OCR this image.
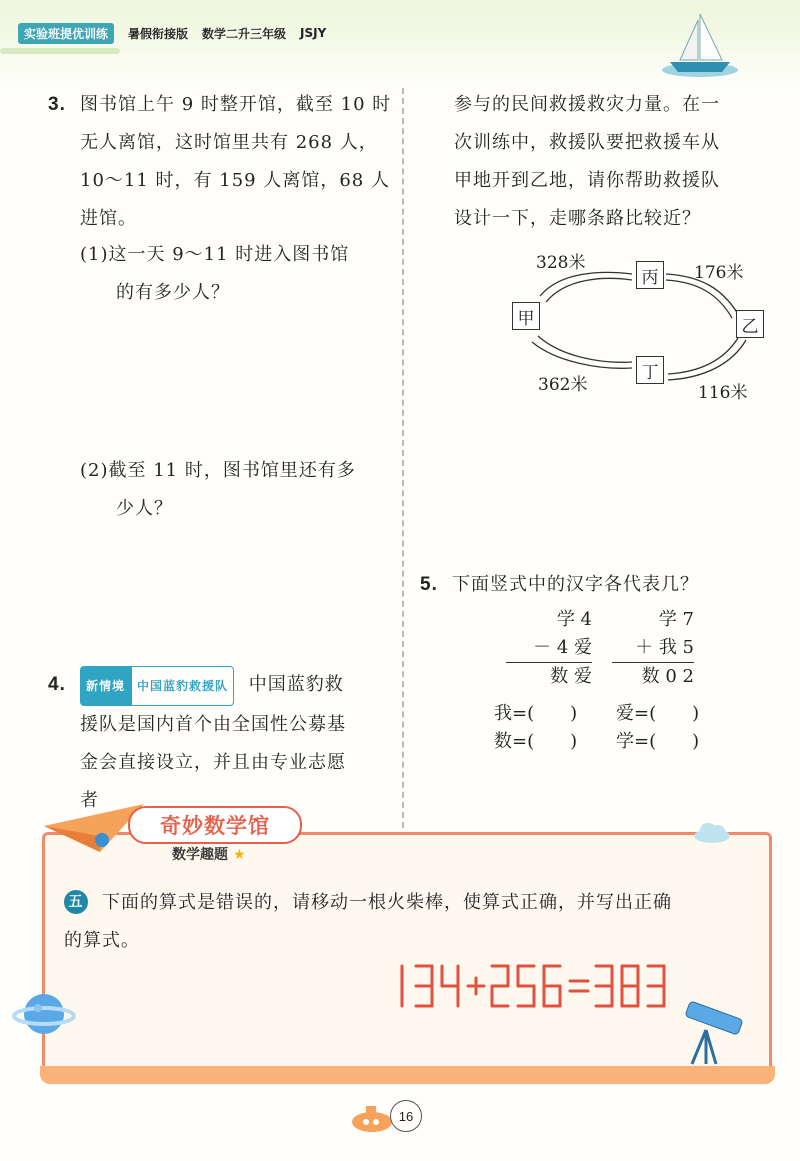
实验班提优训练	暑假衔接版 数学二升三年级 JSJY
3. 图书馆上午 9 时整开馆，截至 10 时
无人离馆，这时馆里共有 268 人，
10～11 时，有 159 人离馆，68 人
进馆。
(1)这一天 9～11 时进入图书馆
的有多少人？
(2)截至 11 时，图书馆里还有多
少人？
4.	新情境 中国蓝豹救援队 中国蓝豹救
援队是国内首个由全国性公募基
金会直接设立，并且由专业志愿
者
参与的民间救援救灾力量。在一
次训练中，救援队要把救援车从
甲地开到乙地，请你帮助救援队
设计一下，走哪条路比较近？
甲
丙
乙
丁
328米	176米
362米	116米
5. 下面竖式中的汉字各代表几？
学 4
－ 4 爱
数 爱
学 7
＋ 我 5
数 0 2
我=(　　) 爱=(　　)
数=(　　) 学=(　　)
奇妙数学馆
数学趣题 ★
五 下面的算式是错误的，请移动一根火柴棒，使算式正确，并写出正确
的算式。
16
